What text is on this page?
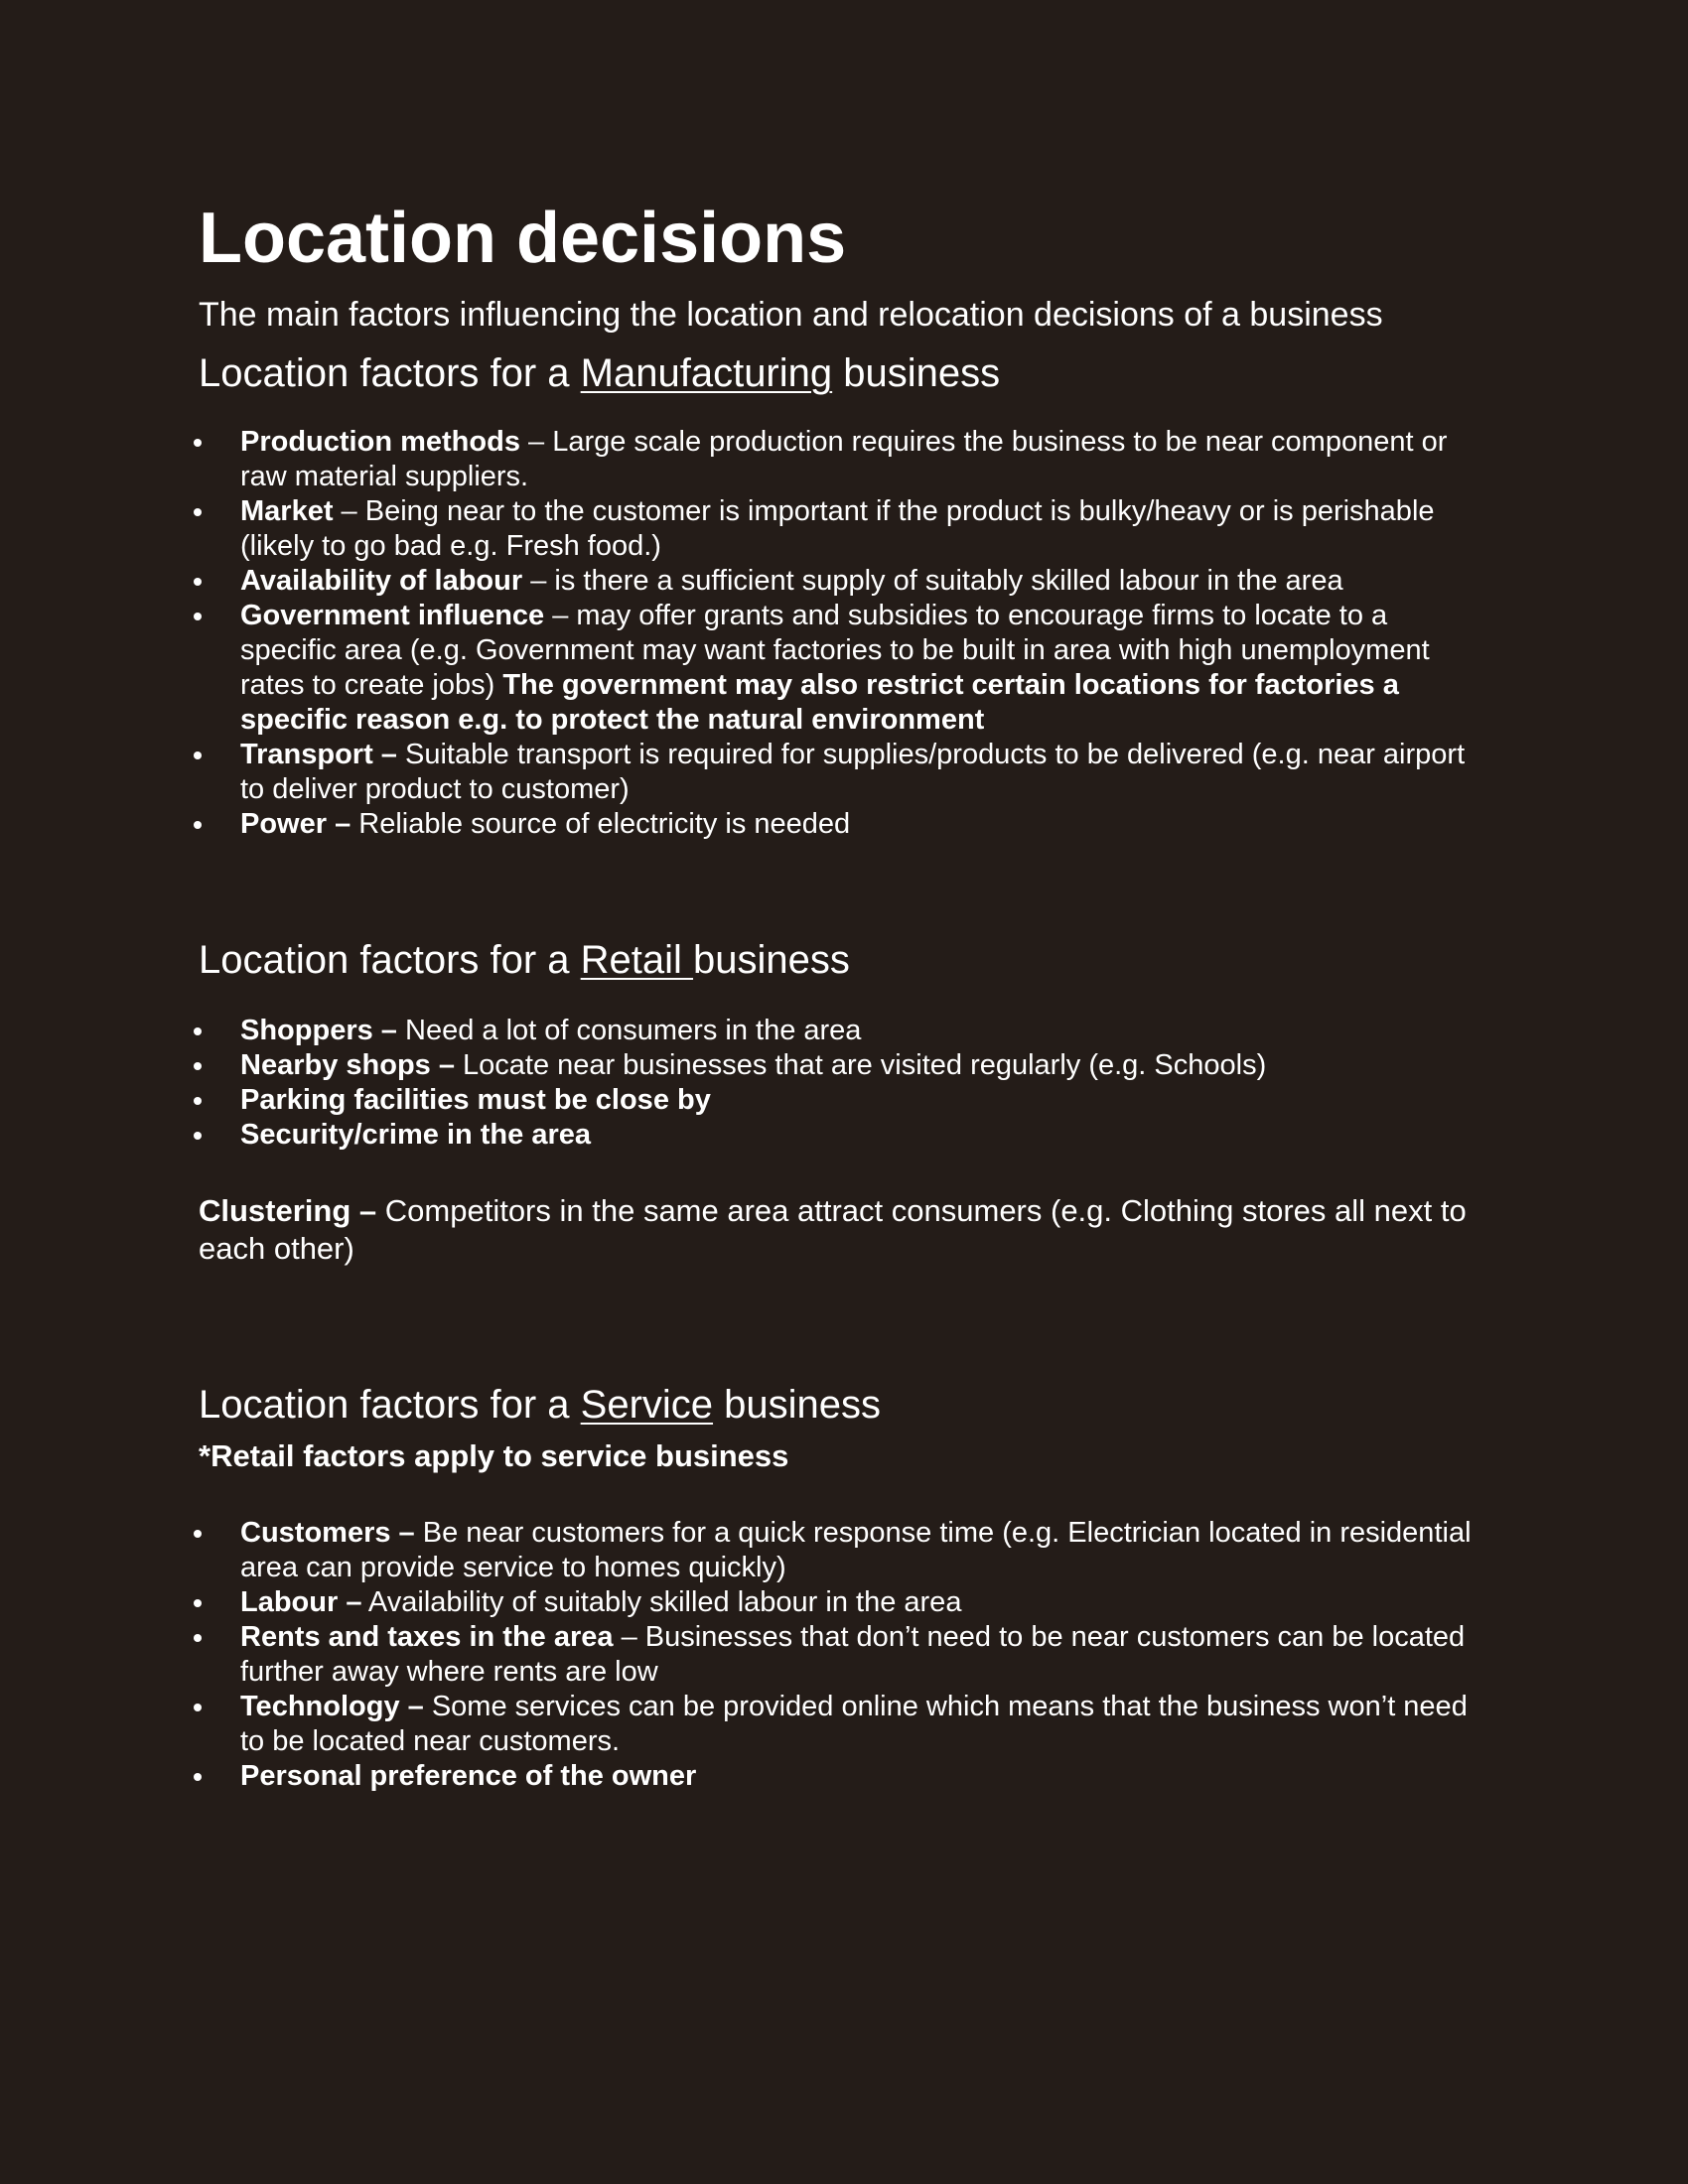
Location decisions

The main factors influencing the location and relocation decisions of a business

Location factors for a Manufacturing business
Production methods – Large scale production requires the business to be near component or raw material suppliers.
Market – Being near to the customer is important if the product is bulky/heavy or is perishable (likely to go bad e.g. Fresh food.)
Availability of labour – is there a sufficient supply of suitably skilled labour in the area
Government influence – may offer grants and subsidies to encourage firms to locate to a specific area (e.g. Government may want factories to be built in area with high unemployment rates to create jobs) The government may also restrict certain locations for factories a specific reason e.g. to protect the natural environment
Transport – Suitable transport is required for supplies/products to be delivered (e.g. near airport to deliver product to customer)
Power – Reliable source of electricity is needed
Location factors for a Retail business
Shoppers – Need a lot of consumers in the area
Nearby shops – Locate near businesses that are visited regularly (e.g. Schools)
Parking facilities must be close by
Security/crime in the area

Clustering – Competitors in the same area attract consumers (e.g. Clothing stores all next to each other)

Location factors for a Service business

*Retail factors apply to service business

Customers – Be near customers for a quick response time (e.g. Electrician located in residential area can provide service to homes quickly)
Labour – Availability of suitably skilled labour in the area
Rents and taxes in the area – Businesses that don’t need to be near customers can be located further away where rents are low
Technology – Some services can be provided online which means that the business won’t need to be located near customers.
Personal preference of the owner
